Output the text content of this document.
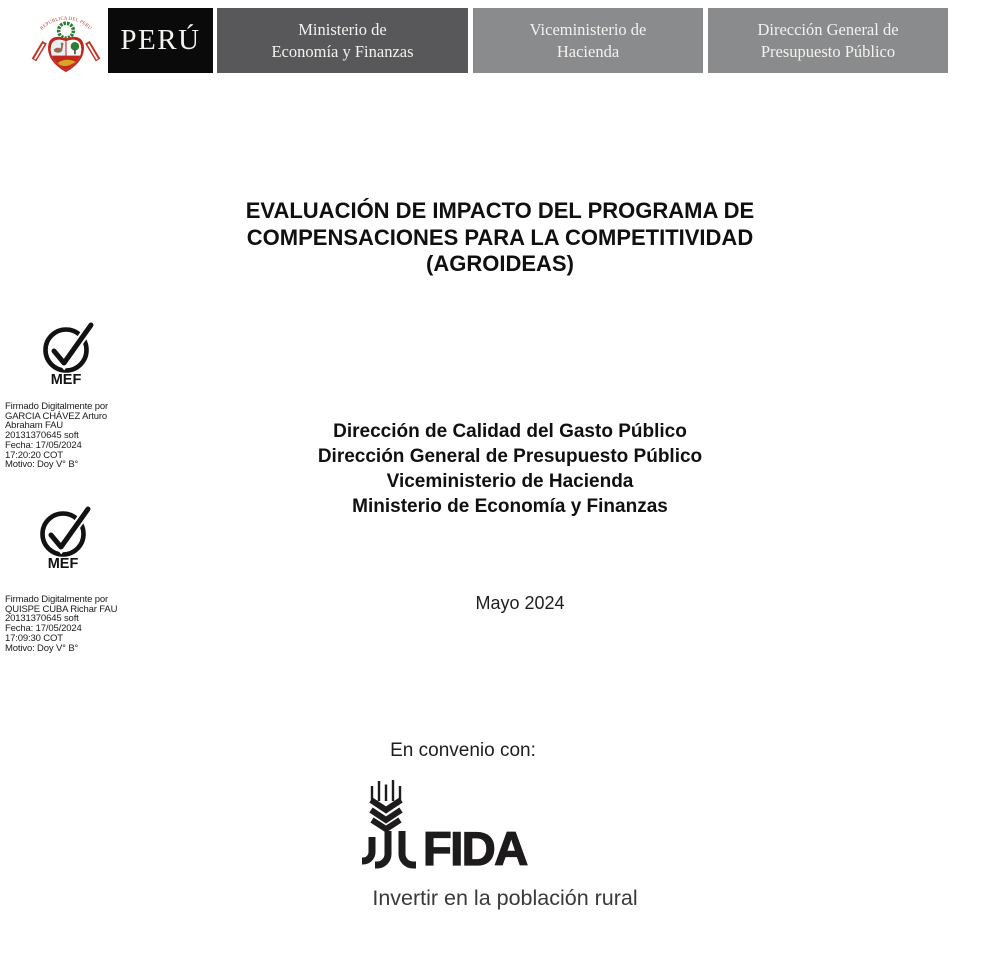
REPÚBLICA DEL PERÚ PERÚ	Ministerio de
Economía y Finanzas
Viceministerio de
Hacienda
Dirección General de
Presupuesto Público
EVALUACIÓN DE IMPACTO DEL PROGRAMA DE
COMPENSACIONES PARA LA COMPETITIVIDAD
(AGROIDEAS)
MEF
Firmado Digitalmente por
GARCIA CHÁVEZ Arturo
Abraham FAU
20131370645 soft
Fecha: 17/05/2024
17:20:20 COT
Motivo: Doy V° B°
Dirección de Calidad del Gasto Público
Dirección General de Presupuesto Público
Viceministerio de Hacienda
Ministerio de Economía y Finanzas
MEF
Firmado Digitalmente por
QUISPE CUBA Richar FAU
20131370645 soft
Fecha: 17/05/2024
17:09:30 COT
Motivo: Doy V° B°
Mayo 2024
En convenio con:
FIDA
Invertir en la población rural
